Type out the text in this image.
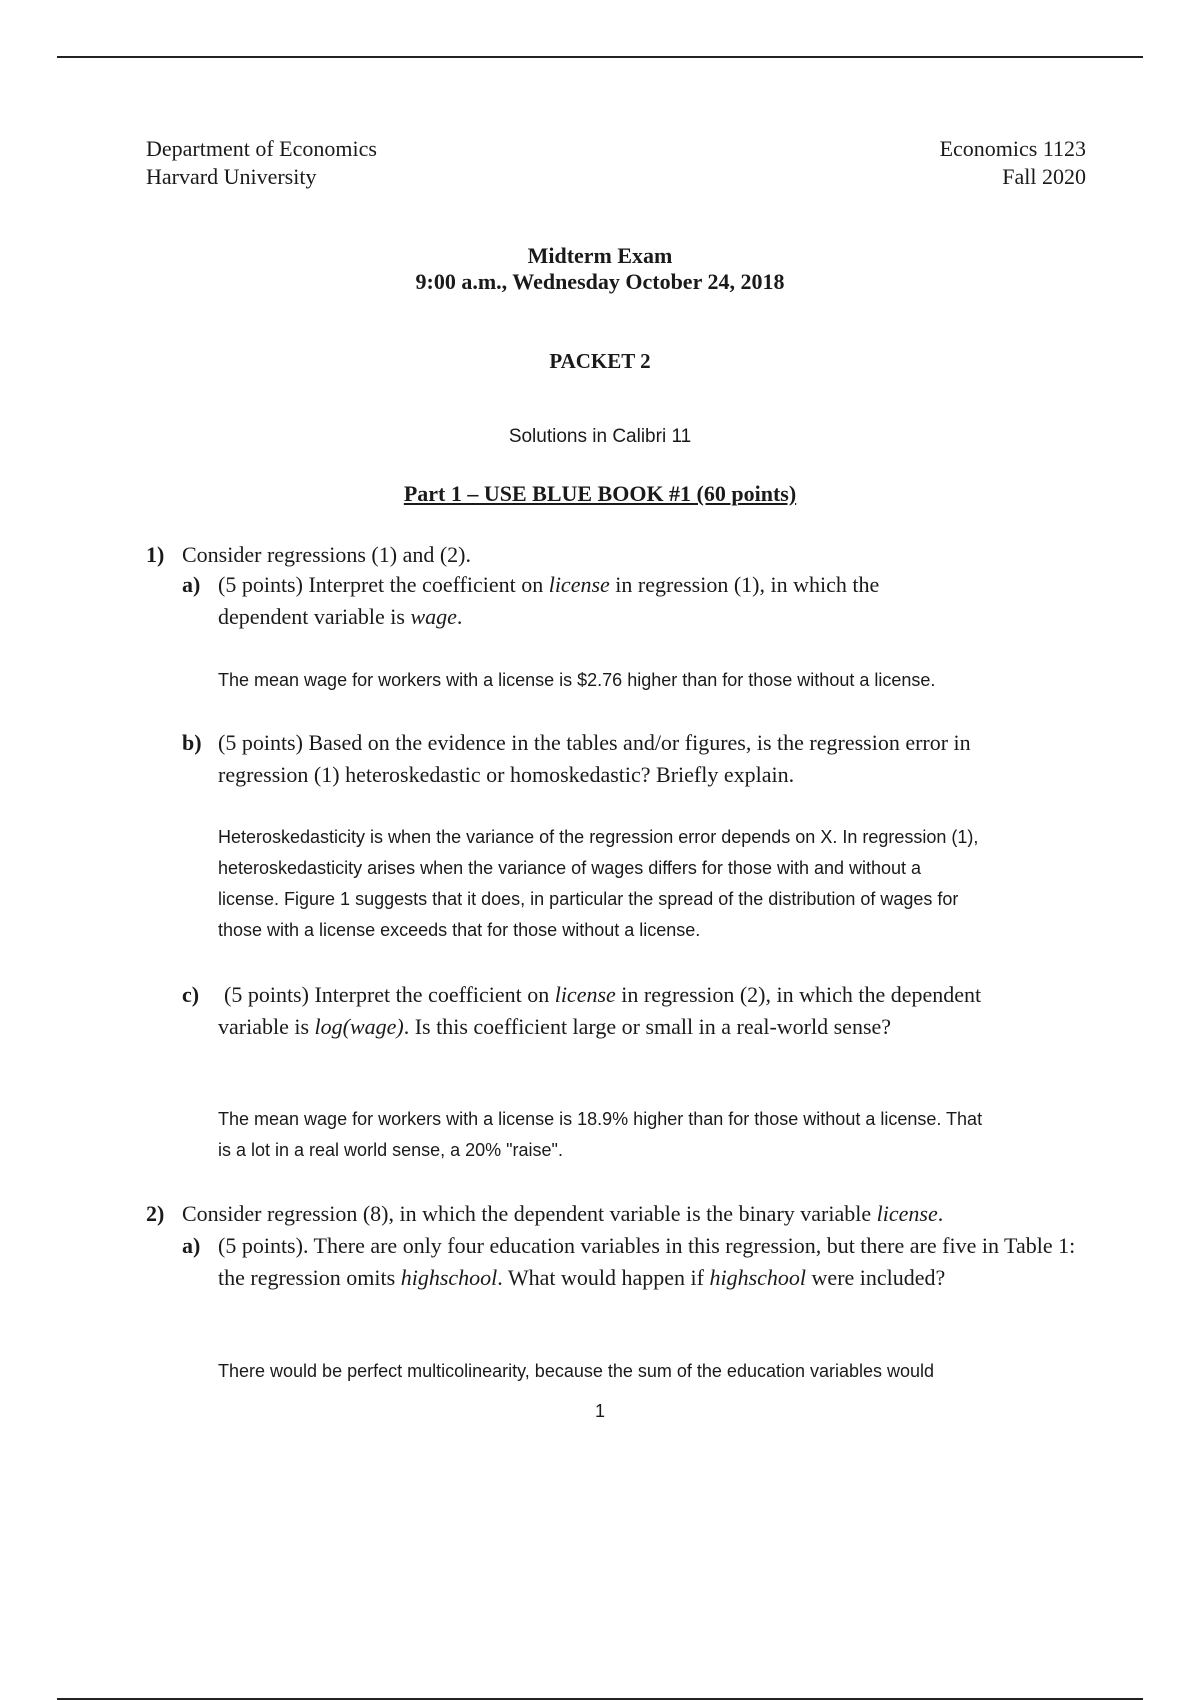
Department of Economics
Harvard University
Economics 1123
Fall 2020
Midterm Exam
9:00 a.m., Wednesday October 24, 2018
PACKET 2
Solutions in Calibri 11
Part 1 – USE BLUE BOOK #1 (60 points)
1) Consider regressions (1) and (2).
a) (5 points) Interpret the coefficient on license in regression (1), in which the dependent variable is wage.
The mean wage for workers with a license is $2.76 higher than for those without a license.
b) (5 points) Based on the evidence in the tables and/or figures, is the regression error in regression (1) heteroskedastic or homoskedastic? Briefly explain.
Heteroskedasticity is when the variance of the regression error depends on X. In regression (1),
heteroskedasticity arises when the variance of wages differs for those with and without a
license. Figure 1 suggests that it does, in particular the spread of the distribution of wages for
those with a license exceeds that for those without a license.
c) (5 points) Interpret the coefficient on license in regression (2), in which the dependent variable is log(wage). Is this coefficient large or small in a real-world sense?
The mean wage for workers with a license is 18.9% higher than for those without a license. That
is a lot in a real world sense, a 20% "raise".
2) Consider regression (8), in which the dependent variable is the binary variable license.
a) (5 points). There are only four education variables in this regression, but there are five in Table 1: the regression omits highschool. What would happen if highschool were included?
There would be perfect multicolinearity, because the sum of the education variables would
1
